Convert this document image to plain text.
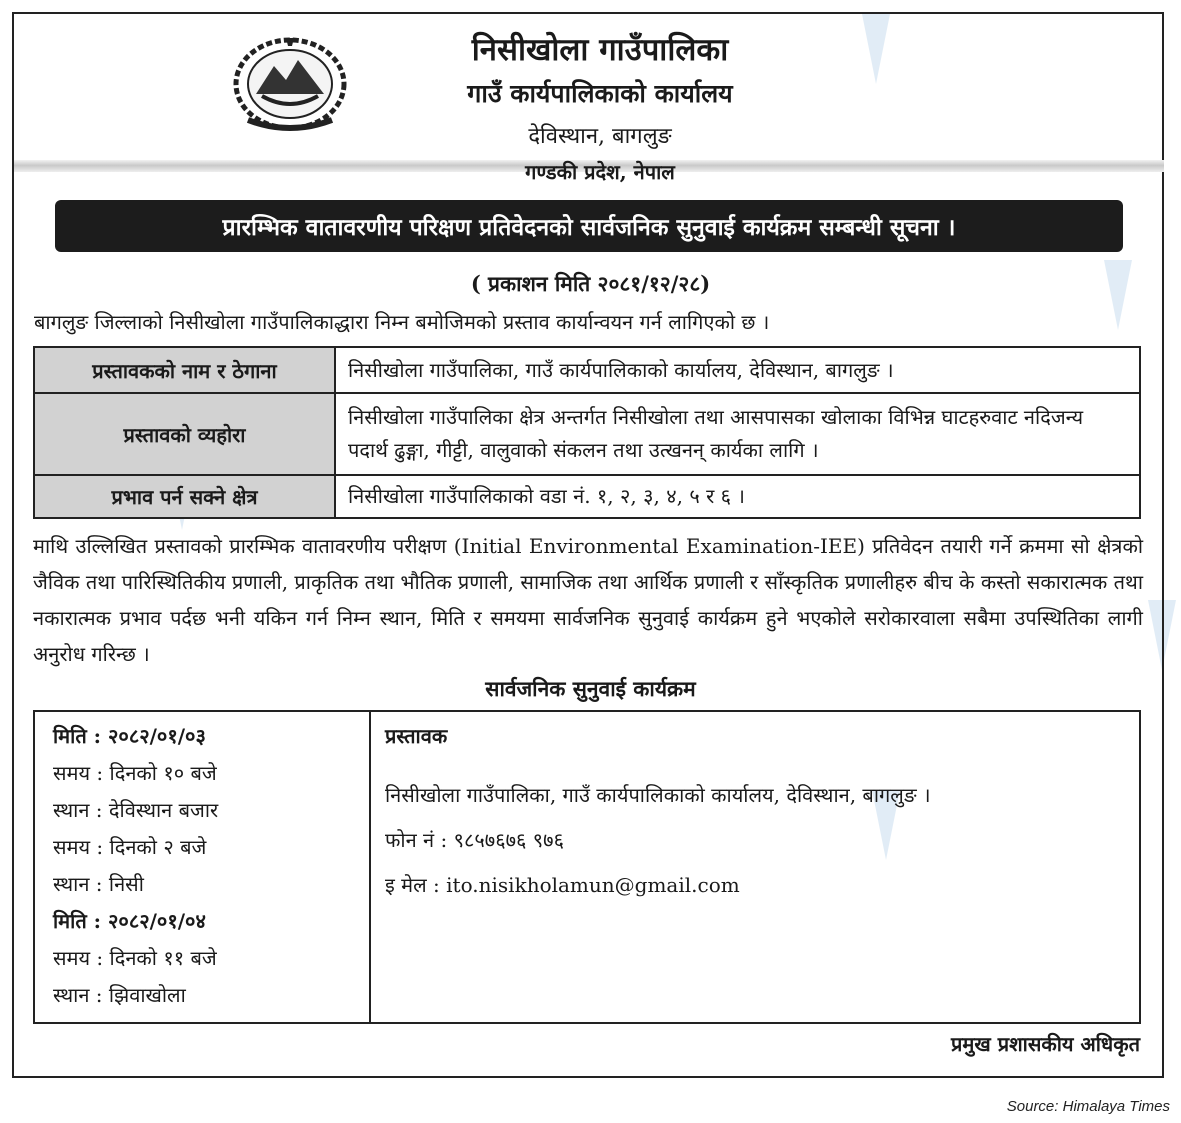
निसीखोला गाउँपालिका
गाउँ कार्यपालिकाको कार्यालय
देविस्थान, बागलुङ
गण्डकी प्रदेश, नेपाल
प्रारम्भिक वातावरणीय परिक्षण प्रतिवेदनको सार्वजनिक सुनुवाई कार्यक्रम सम्बन्धी सूचना ।
( प्रकाशन मिति २०८१/१२/२८)
बागलुङ जिल्लाको निसीखोला गाउँपालिकाद्धारा निम्न बमोजिमको प्रस्ताव कार्यान्वयन गर्न लागिएको छ ।
प्रस्तावकको नाम र ठेगाना	निसीखोला गाउँपालिका, गाउँ कार्यपालिकाको कार्यालय, देविस्थान, बागलुङ ।
प्रस्तावको व्यहोरा	निसीखोला गाउँपालिका क्षेत्र अन्तर्गत निसीखोला तथा आसपासका खोलाका विभिन्न घाटहरुवाट नदिजन्य पदार्थ ढुङ्गा, गीट्टी, वालुवाको संकलन तथा उत्खनन् कार्यका लागि ।
प्रभाव पर्न सक्ने क्षेत्र	निसीखोला गाउँपालिकाको वडा नं. १, २, ३, ४, ५ र ६ ।
माथि उल्लिखित प्रस्तावको प्रारम्भिक वातावरणीय परीक्षण (Initial Environmental Examination-IEE) प्रतिवेदन तयारी गर्ने क्रममा सो क्षेत्रको जैविक तथा पारिस्थितिकीय प्रणाली, प्राकृतिक तथा भौतिक प्रणाली, सामाजिक तथा आर्थिक प्रणाली र साँस्कृतिक प्रणालीहरु बीच के कस्तो सकारात्मक तथा नकारात्मक प्रभाव पर्दछ भनी यकिन गर्न निम्न स्थान, मिति र समयमा सार्वजनिक सुनुवाई कार्यक्रम हुने भएकोले सरोकारवाला सबैमा उपस्थितिका लागी अनुरोध गरिन्छ ।
सार्वजनिक सुनुवाई कार्यक्रम
मिति : २०८२/०१/०३
समय : दिनको १० बजे
स्थान : देविस्थान बजार
समय : दिनको २ बजे
स्थान : निसी
मिति : २०८२/०१/०४
समय : दिनको ११ बजे
स्थान : झिवाखोला
प्रस्तावक
निसीखोला गाउँपालिका, गाउँ कार्यपालिकाको कार्यालय, देविस्थान, बागलुङ ।
फोन नं : ९८५७६७६ ९७६
इ मेल : ito.nisikholamun@gmail.com
प्रमुख प्रशासकीय अधिकृत
Source: Himalaya Times
